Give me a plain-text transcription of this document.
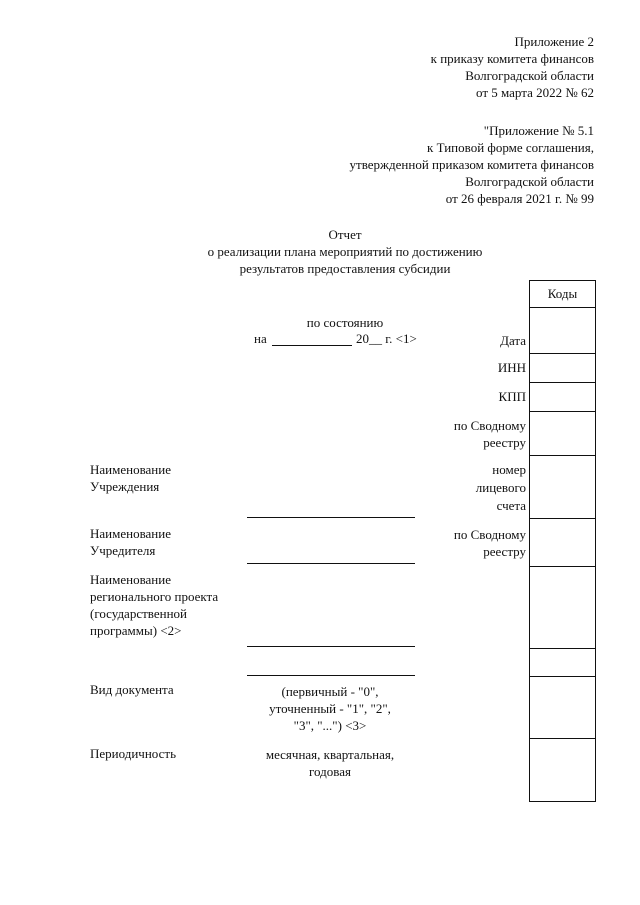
Приложение 2
к приказу комитета финансов
Волгоградской области
от 5 марта 2022 № 62
"Приложение № 5.1
к Типовой форме соглашения,
утвержденной приказом комитета финансов
Волгоградской области
от 26 февраля 2021 г. № 99
Отчет
о реализации плана мероприятий по достижению
результатов предоставления субсидии
по состоянию
на	20__ г. <1>
Коды
Дата
ИНН
КПП
по Сводному
реестру
номер
лицевого
счета
по Сводному
реестру
Наименование
Учреждения
Наименование
Учредителя
Наименование
регионального проекта
(государственной
программы) <2>
Вид документа	(первичный - "0",
уточненный - "1", "2",
"3", "...") <3>
Периодичность	месячная, квартальная,
годовая
